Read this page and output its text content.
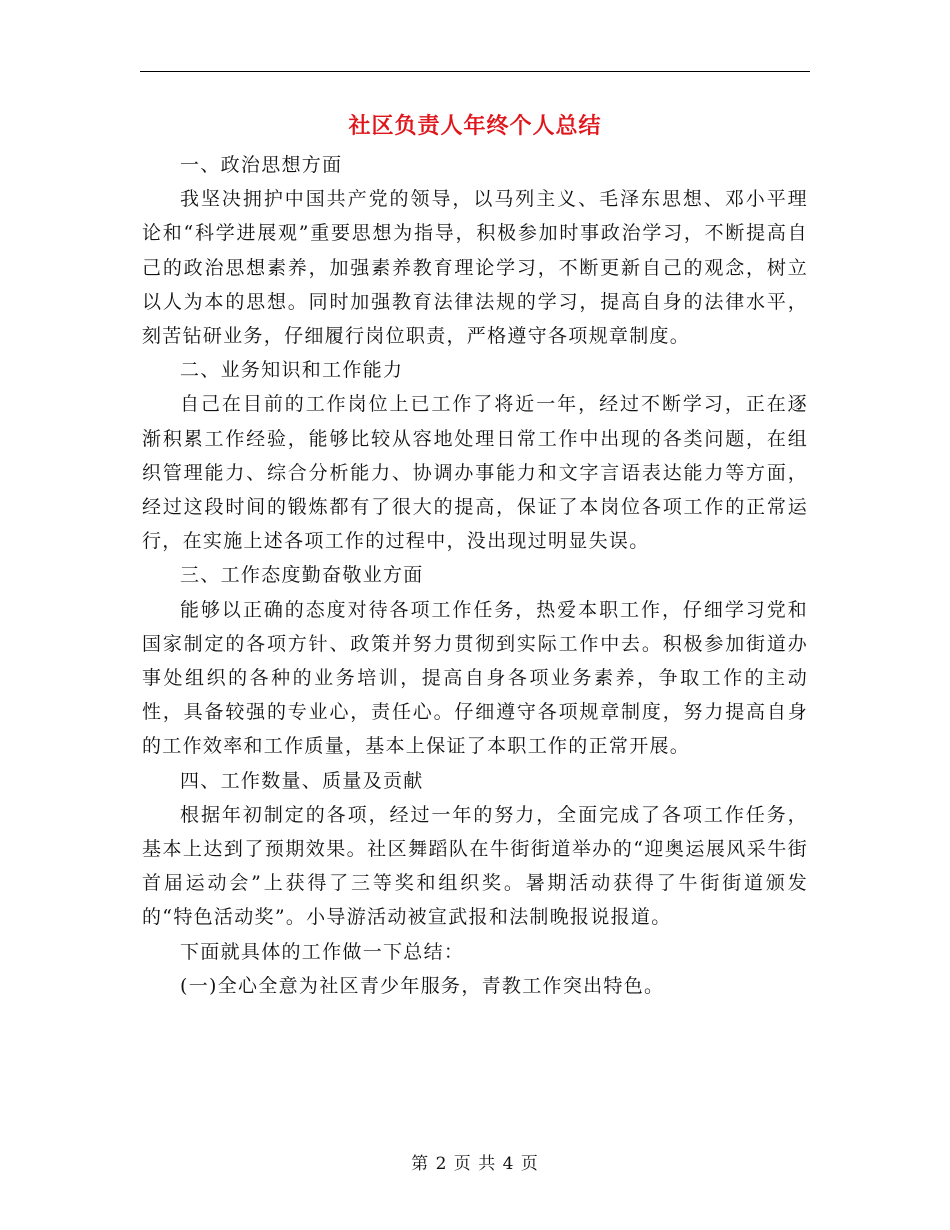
社区负责人年终个人总结

一、政治思想方面

我坚决拥护中国共产党的领导，以马列主义、毛泽东思想、邓小平理论和“科学进展观”重要思想为指导，积极参加时事政治学习，不断提高自己的政治思想素养，加强素养教育理论学习，不断更新自己的观念，树立以人为本的思想。同时加强教育法律法规的学习，提高自身的法律水平，刻苦钻研业务，仔细履行岗位职责，严格遵守各项规章制度。

二、业务知识和工作能力

自己在目前的工作岗位上已工作了将近一年，经过不断学习，正在逐渐积累工作经验，能够比较从容地处理日常工作中出现的各类问题，在组织管理能力、综合分析能力、协调办事能力和文字言语表达能力等方面，经过这段时间的锻炼都有了很大的提高，保证了本岗位各项工作的正常运行，在实施上述各项工作的过程中，没出现过明显失误。

三、工作态度勤奋敬业方面

能够以正确的态度对待各项工作任务，热爱本职工作，仔细学习党和国家制定的各项方针、政策并努力贯彻到实际工作中去。积极参加街道办事处组织的各种的业务培训，提高自身各项业务素养，争取工作的主动性，具备较强的专业心，责任心。仔细遵守各项规章制度，努力提高自身的工作效率和工作质量，基本上保证了本职工作的正常开展。

四、工作数量、质量及贡献

根据年初制定的各项，经过一年的努力，全面完成了各项工作任务，基本上达到了预期效果。社区舞蹈队在牛街街道举办的“迎奥运展风采牛街首届运动会”上获得了三等奖和组织奖。暑期活动获得了牛街街道颁发的“特色活动奖”。小导游活动被宣武报和法制晚报说报道。

下面就具体的工作做一下总结：

(一)全心全意为社区青少年服务，青教工作突出特色。

第 2 页 共 4 页
